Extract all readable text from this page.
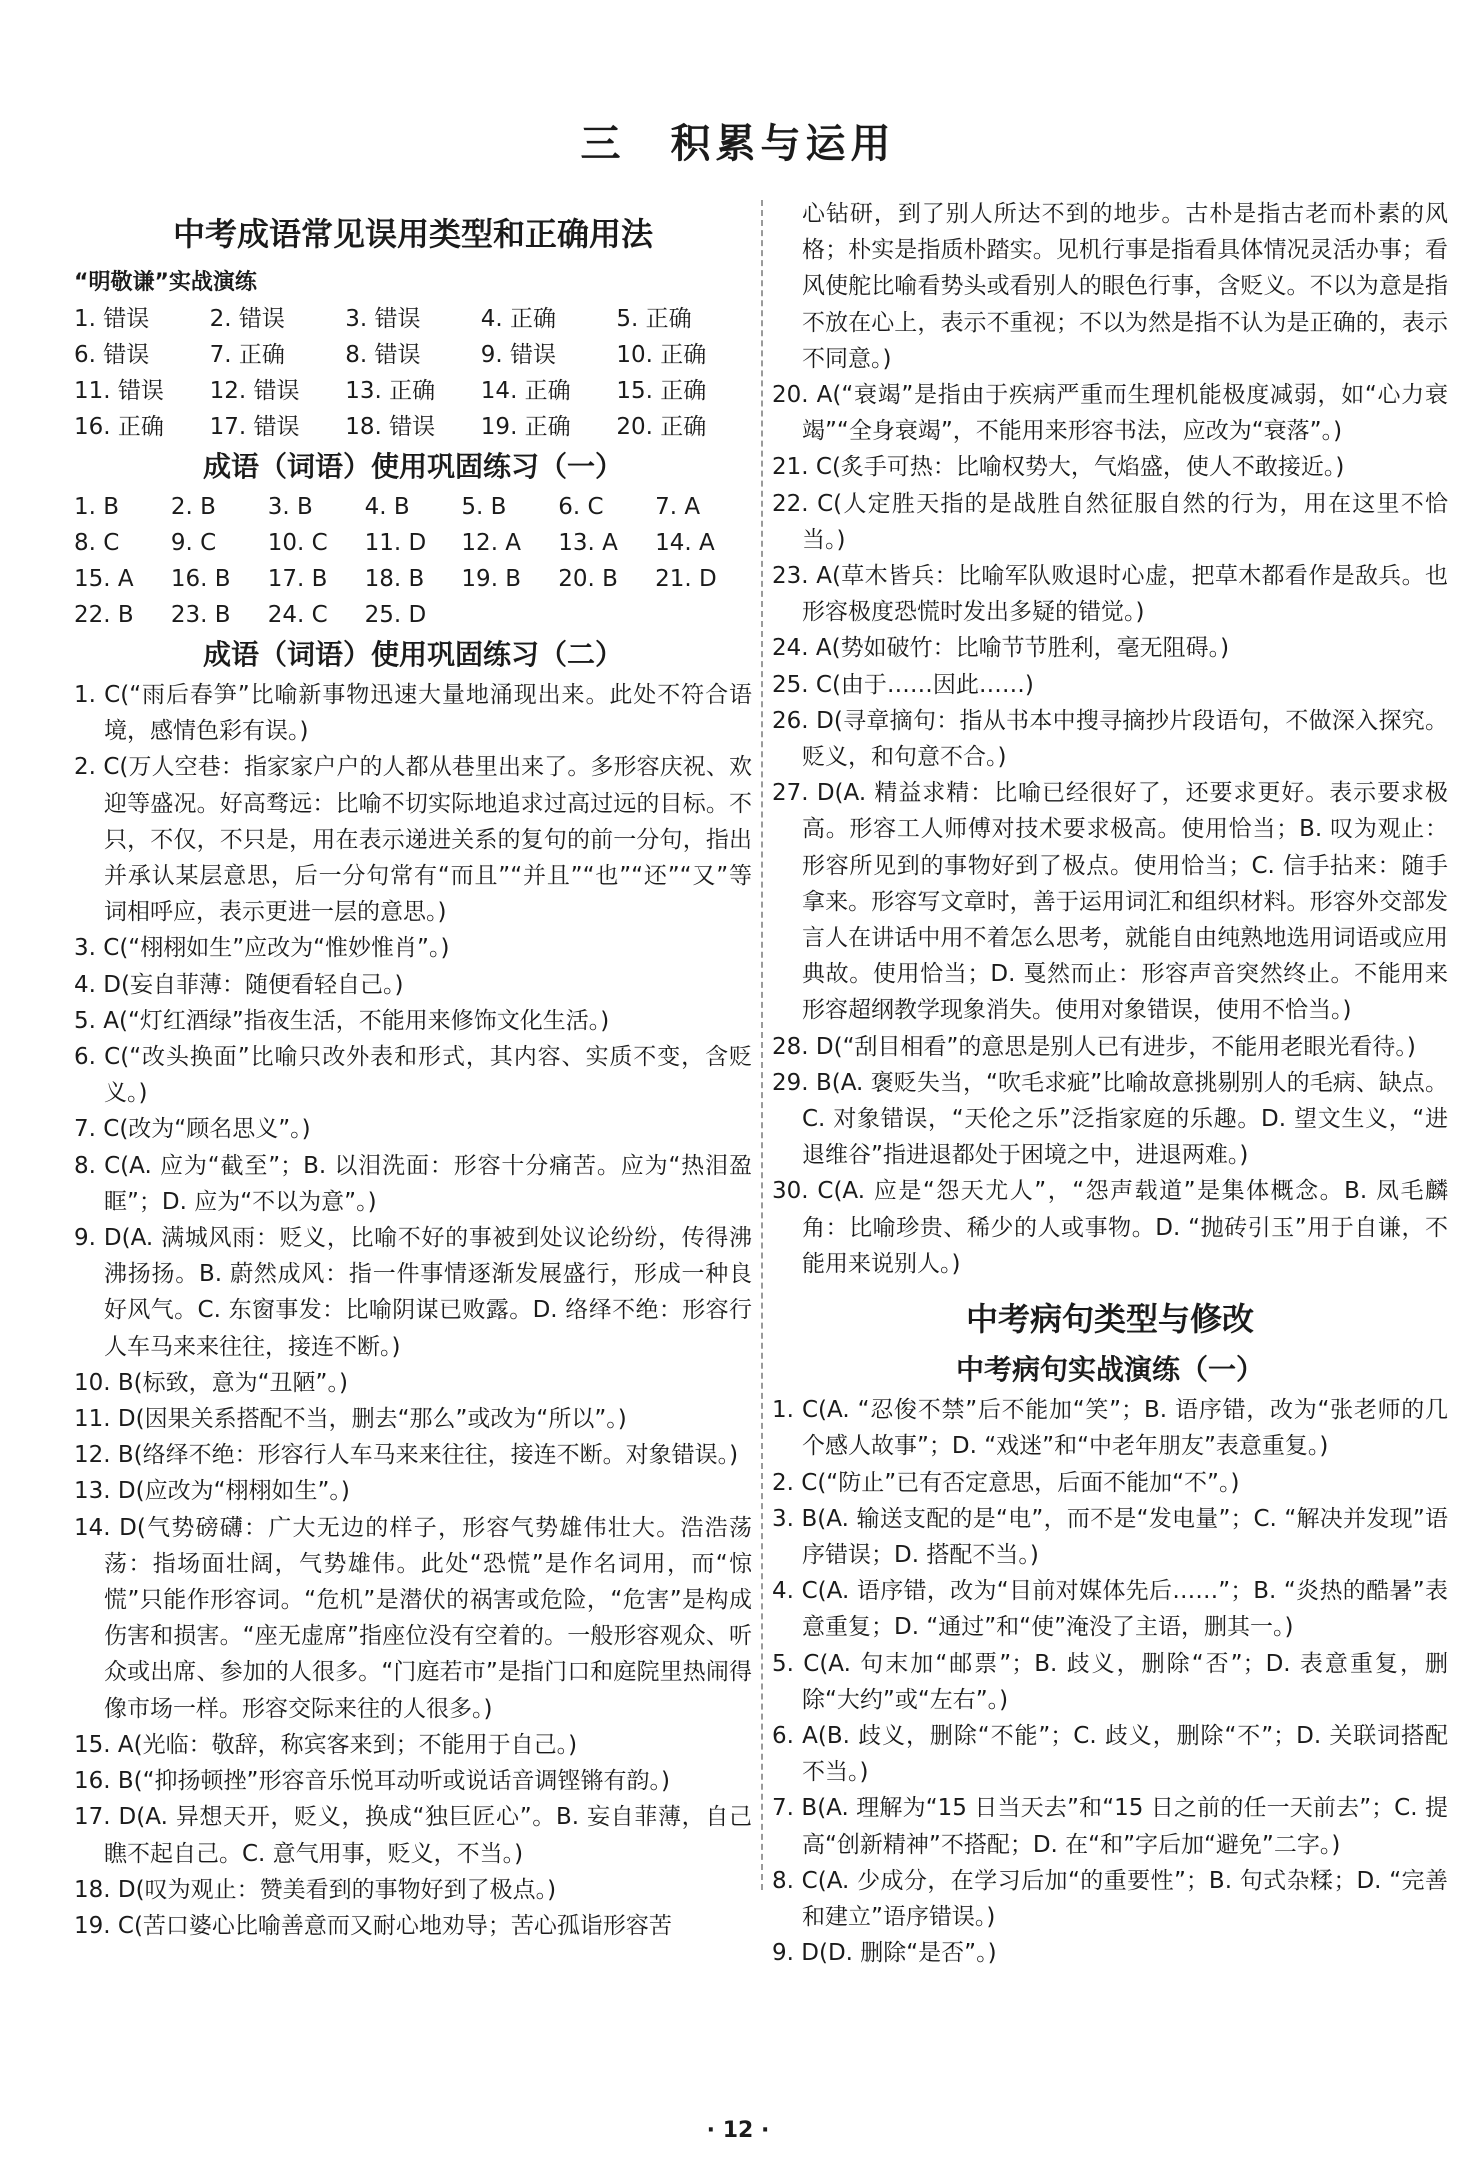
三　积累与运用
中考成语常见误用类型和正确用法
“明敬谦”实战演练
1. 错误	2. 错误	3. 错误	4. 正确	5. 正确
6. 错误	7. 正确	8. 错误	9. 错误	10. 正确
11. 错误	12. 错误	13. 正确	14. 正确	15. 正确
16. 正确	17. 错误	18. 错误	19. 正确	20. 正确
成语（词语）使用巩固练习（一）
1. B	2. B	3. B	4. B	5. B	6. C	7. A
8. C	9. C	10. C	11. D	12. A	13. A	14. A
15. A	16. B	17. B	18. B	19. B	20. B	21. D
22. B	23. B	24. C	25. D
成语（词语）使用巩固练习（二）
1. C(“雨后春笋”比喻新事物迅速大量地涌现出来。此处不符合语境，感情色彩有误。)
2. C(万人空巷：指家家户户的人都从巷里出来了。多形容庆祝、欢迎等盛况。好高骛远：比喻不切实际地追求过高过远的目标。不只，不仅，不只是，用在表示递进关系的复句的前一分句，指出并承认某层意思，后一分句常有“而且”“并且”“也”“还”“又”等词相呼应，表示更进一层的意思。)
3. C(“栩栩如生”应改为“惟妙惟肖”。)
4. D(妄自菲薄：随便看轻自己。)
5. A(“灯红酒绿”指夜生活，不能用来修饰文化生活。)
6. C(“改头换面”比喻只改外表和形式，其内容、实质不变，含贬义。)
7. C(改为“顾名思义”。)
8. C(A. 应为“截至”；B. 以泪洗面：形容十分痛苦。应为“热泪盈眶”；D. 应为“不以为意”。)
9. D(A. 满城风雨：贬义，比喻不好的事被到处议论纷纷，传得沸沸扬扬。B. 蔚然成风：指一件事情逐渐发展盛行，形成一种良好风气。C. 东窗事发：比喻阴谋已败露。D. 络绎不绝：形容行人车马来来往往，接连不断。)
10. B(标致，意为“丑陋”。)
11. D(因果关系搭配不当，删去“那么”或改为“所以”。)
12. B(络绎不绝：形容行人车马来来往往，接连不断。对象错误。)
13. D(应改为“栩栩如生”。)
14. D(气势磅礴：广大无边的样子，形容气势雄伟壮大。浩浩荡荡：指场面壮阔，气势雄伟。此处“恐慌”是作名词用，而“惊慌”只能作形容词。“危机”是潜伏的祸害或危险，“危害”是构成伤害和损害。“座无虚席”指座位没有空着的。一般形容观众、听众或出席、参加的人很多。“门庭若市”是指门口和庭院里热闹得像市场一样。形容交际来往的人很多。)
15. A(光临：敬辞，称宾客来到；不能用于自己。)
16. B(“抑扬顿挫”形容音乐悦耳动听或说话音调铿锵有韵。)
17. D(A. 异想天开，贬义，换成“独巨匠心”。B. 妄自菲薄，自己瞧不起自己。C. 意气用事，贬义，不当。)
18. D(叹为观止：赞美看到的事物好到了极点。)
19. C(苦口婆心比喻善意而又耐心地劝导；苦心孤诣形容苦
心钻研，到了别人所达不到的地步。古朴是指古老而朴素的风格；朴实是指质朴踏实。见机行事是指看具体情况灵活办事；看风使舵比喻看势头或看别人的眼色行事，含贬义。不以为意是指不放在心上，表示不重视；不以为然是指不认为是正确的，表示不同意。)
20. A(“衰竭”是指由于疾病严重而生理机能极度减弱，如“心力衰竭”“全身衰竭”，不能用来形容书法，应改为“衰落”。)
21. C(炙手可热：比喻权势大，气焰盛，使人不敢接近。)
22. C(人定胜天指的是战胜自然征服自然的行为，用在这里不恰当。)
23. A(草木皆兵：比喻军队败退时心虚，把草木都看作是敌兵。也形容极度恐慌时发出多疑的错觉。)
24. A(势如破竹：比喻节节胜利，毫无阻碍。)
25. C(由于……因此……)
26. D(寻章摘句：指从书本中搜寻摘抄片段语句，不做深入探究。贬义，和句意不合。)
27. D(A. 精益求精：比喻已经很好了，还要求更好。表示要求极高。形容工人师傅对技术要求极高。使用恰当；B. 叹为观止：形容所见到的事物好到了极点。使用恰当；C. 信手拈来：随手拿来。形容写文章时，善于运用词汇和组织材料。形容外交部发言人在讲话中用不着怎么思考，就能自由纯熟地选用词语或应用典故。使用恰当；D. 戛然而止：形容声音突然终止。不能用来形容超纲教学现象消失。使用对象错误，使用不恰当。)
28. D(“刮目相看”的意思是别人已有进步，不能用老眼光看待。)
29. B(A. 褒贬失当，“吹毛求疵”比喻故意挑剔别人的毛病、缺点。C. 对象错误，“天伦之乐”泛指家庭的乐趣。D. 望文生义，“进退维谷”指进退都处于困境之中，进退两难。)
30. C(A. 应是“怨天尤人”，“怨声载道”是集体概念。B. 凤毛麟角：比喻珍贵、稀少的人或事物。D. “抛砖引玉”用于自谦，不能用来说别人。)
中考病句类型与修改
中考病句实战演练（一）
1. C(A. “忍俊不禁”后不能加“笑”；B. 语序错，改为“张老师的几个感人故事”；D. “戏迷”和“中老年朋友”表意重复。)
2. C(“防止”已有否定意思，后面不能加“不”。)
3. B(A. 输送支配的是“电”，而不是“发电量”；C. “解决并发现”语序错误；D. 搭配不当。)
4. C(A. 语序错，改为“目前对媒体先后……”；B. “炎热的酷暑”表意重复；D. “通过”和“使”淹没了主语，删其一。)
5. C(A. 句末加“邮票”；B. 歧义，删除“否”；D. 表意重复，删除“大约”或“左右”。)
6. A(B. 歧义，删除“不能”；C. 歧义，删除“不”；D. 关联词搭配不当。)
7. B(A. 理解为“15 日当天去”和“15 日之前的任一天前去”；C. 提高“创新精神”不搭配；D. 在“和”字后加“避免”二字。)
8. C(A. 少成分，在学习后加“的重要性”；B. 句式杂糅；D. “完善和建立”语序错误。)
9. D(D. 删除“是否”。)
· 12 ·
